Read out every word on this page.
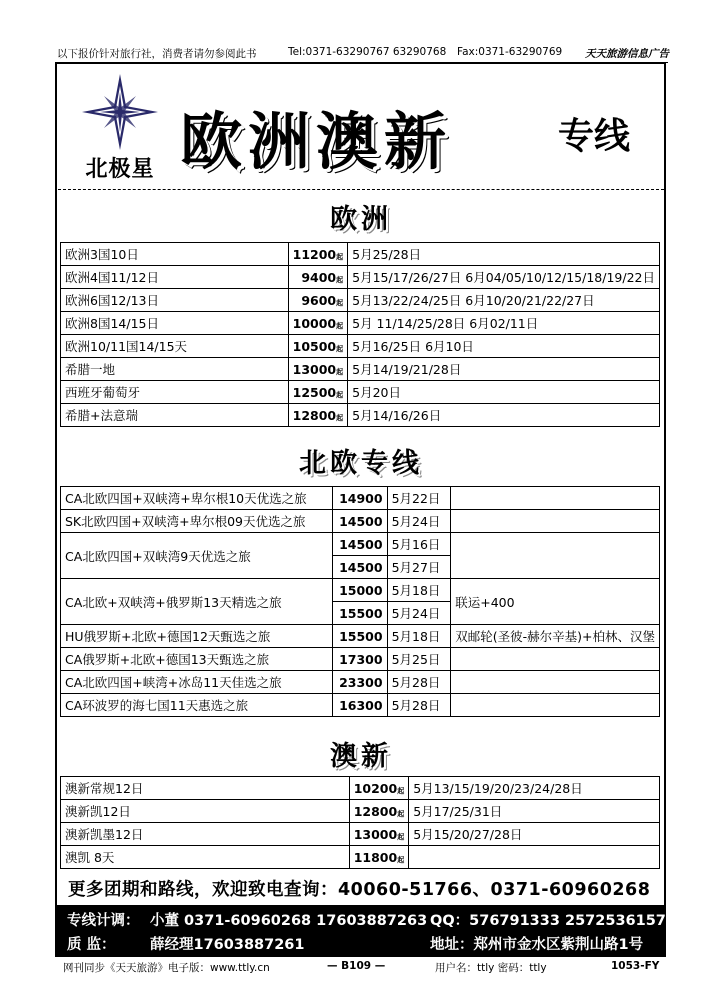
以下报价针对旅行社，消费者请勿参阅此书	Tel:0371-63290767 63290768 Fax:0371-63290769 天天旅游信息广告
北极星 欧洲澳新	专线
欧洲
欧洲3国10日	11200起	5月25/28日
欧洲4国11/12日	9400起	5月15/17/26/27日 6月04/05/10/12/15/18/19/22日
欧洲6国12/13日	9600起	5月13/22/24/25日 6月10/20/21/22/27日
欧洲8国14/15日	10000起	5月 11/14/25/28日 6月02/11日
欧洲10/11国14/15天	10500起	5月16/25日 6月10日
希腊一地	13000起	5月14/19/21/28日
西班牙葡萄牙	12500起	5月20日
希腊+法意瑞	12800起	5月14/16/26日
北欧专线
CA北欧四国+双峡湾+卑尔根10天优选之旅	14900	5月22日	
SK北欧四国+双峡湾+卑尔根09天优选之旅	14500	5月24日	
CA北欧四国+双峡湾9天优选之旅	14500	5月16日	
	14500	5月27日	
CA北欧+双峡湾+俄罗斯13天精选之旅	15000	5月18日	联运+400
	15500	5月24日	
HU俄罗斯+北欧+德国12天甄选之旅	15500	5月18日	双邮轮(圣彼-赫尔辛基)+柏林、汉堡
CA俄罗斯+北欧+德国13天甄选之旅	17300	5月25日	
CA北欧四国+峡湾+冰岛11天佳选之旅	23300	5月28日	
CA环波罗的海七国11天惠选之旅	16300	5月28日	
澳新
澳新常规12日	10200起	5月13/15/19/20/23/24/28日
澳新凯12日	12800起	5月17/25/31日
澳新凯墨12日	13000起	5月15/20/27/28日
澳凯 8天	11800起	
更多团期和路线，欢迎致电查询：40060-51766、0371-60960268
专线计调： 小董 0371-60960268 17603887263 QQ：576791333 2572536157
质 监： 薛经理17603887261	地址：郑州市金水区紫荆山路1号
网刊同步《天天旅游》电子版：www.ttly.cn	— B109 —	用户名：ttly 密码：ttly	1053-FY
